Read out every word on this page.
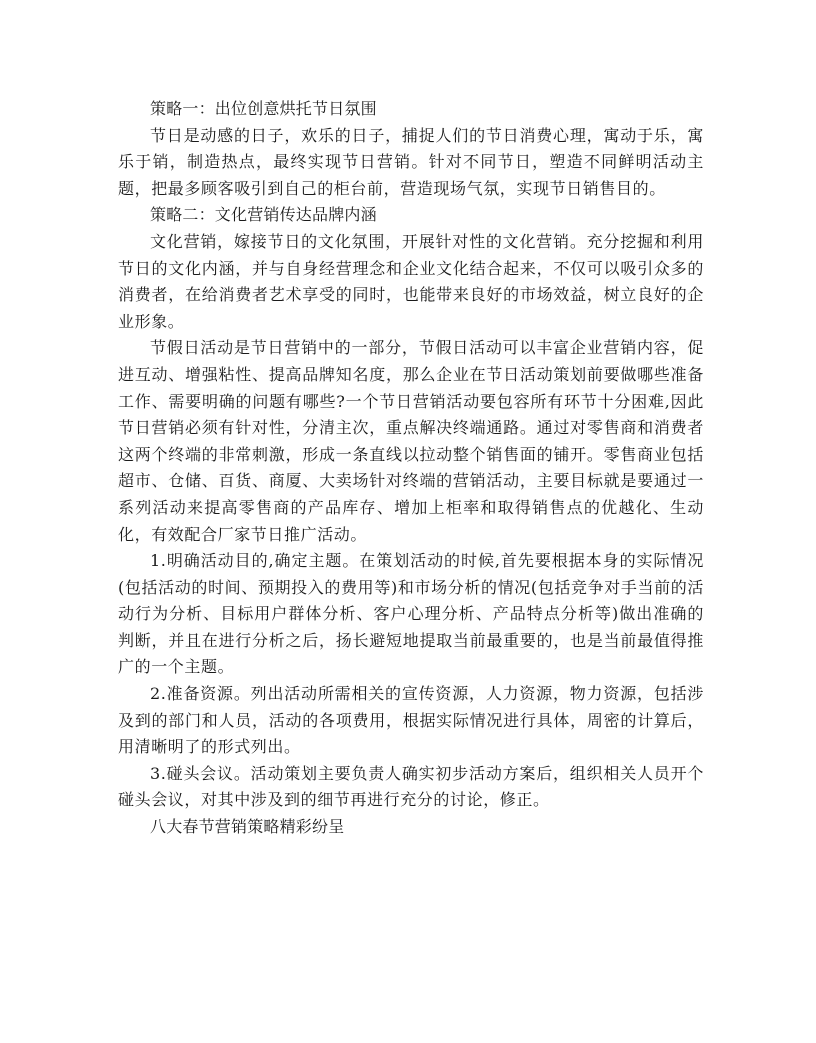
策略一：出位创意烘托节日氛围

节日是动感的日子，欢乐的日子，捕捉人们的节日消费心理，寓动于乐，寓乐于销，制造热点，最终实现节日营销。针对不同节日，塑造不同鲜明活动主题，把最多顾客吸引到自己的柜台前，营造现场气氛，实现节日销售目的。

策略二：文化营销传达品牌内涵

文化营销，嫁接节日的文化氛围，开展针对性的文化营销。充分挖掘和利用节日的文化内涵，并与自身经营理念和企业文化结合起来，不仅可以吸引众多的消费者，在给消费者艺术享受的同时，也能带来良好的市场效益，树立良好的企业形象。

节假日活动是节日营销中的一部分，节假日活动可以丰富企业营销内容，促进互动、增强粘性、提高品牌知名度，那么企业在节日活动策划前要做哪些准备工作、需要明确的问题有哪些?一个节日营销活动要包容所有环节十分困难,因此节日营销必须有针对性，分清主次，重点解决终端通路。通过对零售商和消费者这两个终端的非常刺激，形成一条直线以拉动整个销售面的铺开。零售商业包括超市、仓储、百货、商厦、大卖场针对终端的营销活动，主要目标就是要通过一系列活动来提高零售商的产品库存、增加上柜率和取得销售点的优越化、生动化，有效配合厂家节日推广活动。

1.明确活动目的,确定主题。在策划活动的时候,首先要根据本身的实际情况(包括活动的时间、预期投入的费用等)和市场分析的情况(包括竞争对手当前的活动行为分析、目标用户群体分析、客户心理分析、产品特点分析等)做出准确的判断，并且在进行分析之后，扬长避短地提取当前最重要的，也是当前最值得推广的一个主题。

2.准备资源。列出活动所需相关的宣传资源，人力资源，物力资源，包括涉及到的部门和人员，活动的各项费用，根据实际情况进行具体，周密的计算后，用清晰明了的形式列出。

3.碰头会议。活动策划主要负责人确实初步活动方案后，组织相关人员开个碰头会议，对其中涉及到的细节再进行充分的讨论，修正。

八大春节营销策略精彩纷呈
